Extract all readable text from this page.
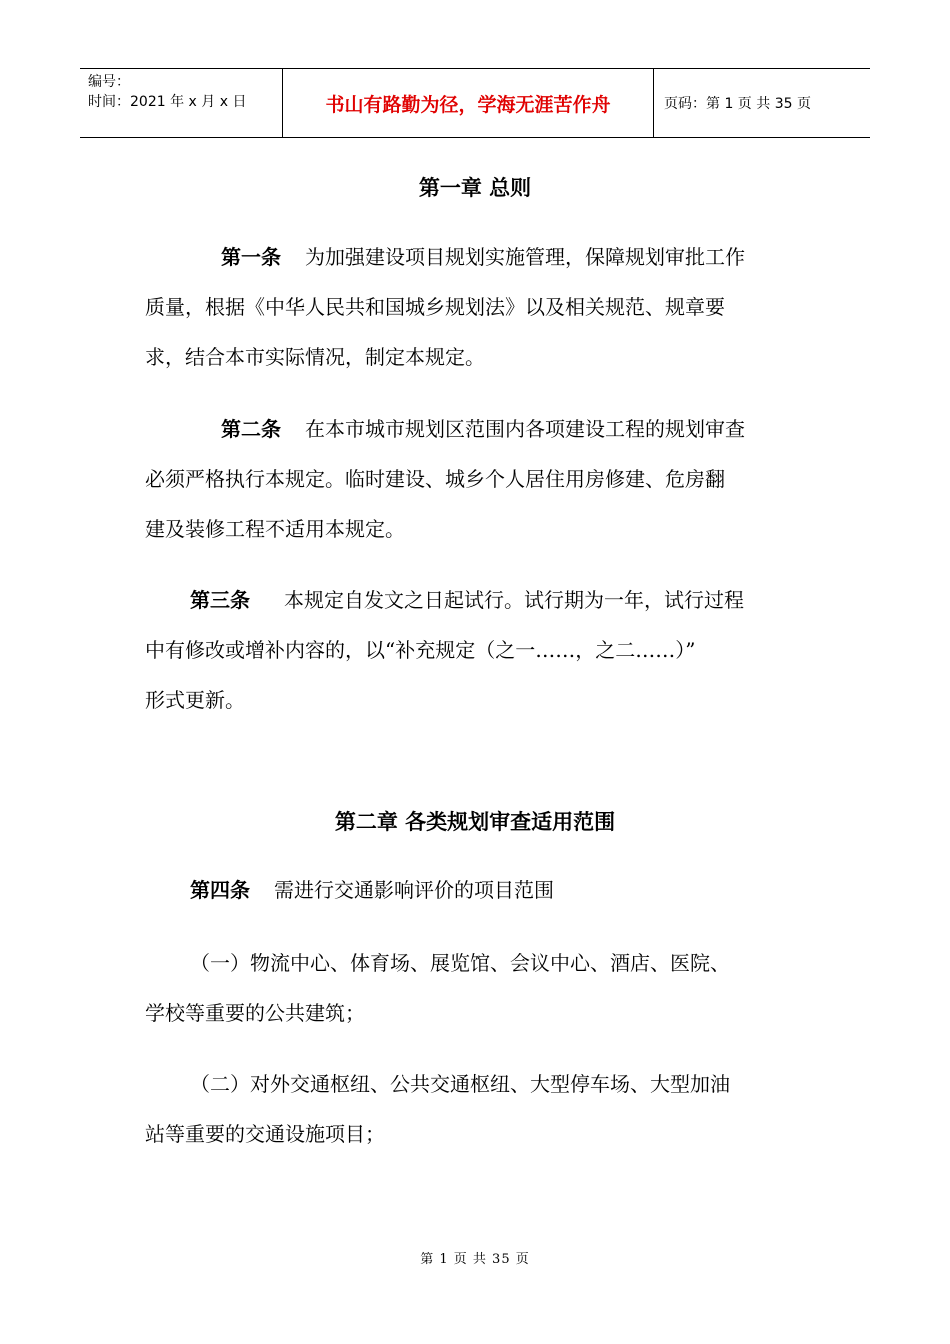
编号：
时间：2021 年 x 月 x 日	书山有路勤为径，学海无涯苦作舟	页码：第 1 页 共 35 页
第一章 总则
第一条 为加强建设项目规划实施管理，保障规划审批工作
质量，根据《中华人民共和国城乡规划法》以及相关规范、规章要
求，结合本市实际情况，制定本规定。
第二条 在本市城市规划区范围内各项建设工程的规划审查
必须严格执行本规定。临时建设、城乡个人居住用房修建、危房翻
建及装修工程不适用本规定。
第三条 本规定自发文之日起试行。试行期为一年，试行过程
中有修改或增补内容的，以“补充规定（之一……，之二……）”
形式更新。
第二章 各类规划审查适用范围
第四条 需进行交通影响评价的项目范围
（一）物流中心、体育场、展览馆、会议中心、酒店、医院、
学校等重要的公共建筑；
（二）对外交通枢纽、公共交通枢纽、大型停车场、大型加油
站等重要的交通设施项目；
第 1 页 共 35 页
